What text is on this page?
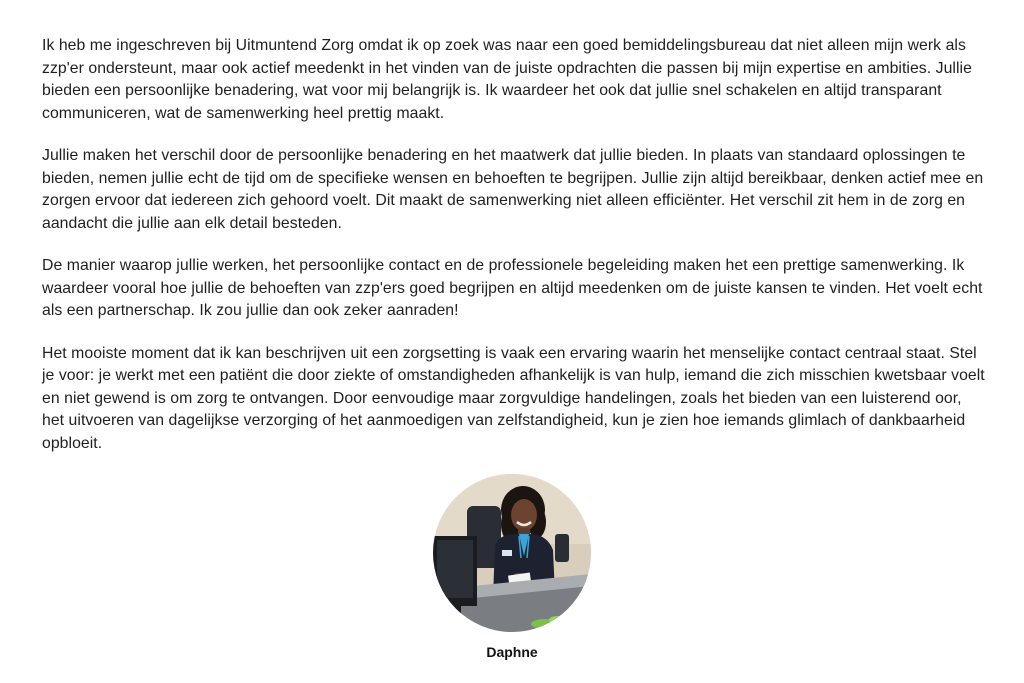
Ik heb me ingeschreven bij Uitmuntend Zorg omdat ik op zoek was naar een goed bemiddelingsbureau dat niet alleen mijn werk als zzp'er ondersteunt, maar ook actief meedenkt in het vinden van de juiste opdrachten die passen bij mijn expertise en ambities. Jullie bieden een persoonlijke benadering, wat voor mij belangrijk is. Ik waardeer het ook dat jullie snel schakelen en altijd transparant communiceren, wat de samenwerking heel prettig maakt.

Jullie maken het verschil door de persoonlijke benadering en het maatwerk dat jullie bieden. In plaats van standaard oplossingen te bieden, nemen jullie echt de tijd om de specifieke wensen en behoeften te begrijpen. Jullie zijn altijd bereikbaar, denken actief mee en zorgen ervoor dat iedereen zich gehoord voelt. Dit maakt de samenwerking niet alleen efficiënter. Het verschil zit hem in de zorg en aandacht die jullie aan elk detail besteden.

De manier waarop jullie werken, het persoonlijke contact en de professionele begeleiding maken het een prettige samenwerking. Ik waardeer vooral hoe jullie de behoeften van zzp'ers goed begrijpen en altijd meedenken om de juiste kansen te vinden. Het voelt echt als een partnerschap. Ik zou jullie dan ook zeker aanraden!

Het mooiste moment dat ik kan beschrijven uit een zorgsetting is vaak een ervaring waarin het menselijke contact centraal staat. Stel je voor: je werkt met een patiënt die door ziekte of omstandigheden afhankelijk is van hulp, iemand die zich misschien kwetsbaar voelt en niet gewend is om zorg te ontvangen. Door eenvoudige maar zorgvuldige handelingen, zoals het bieden van een luisterend oor, het uitvoeren van dagelijkse verzorging of het aanmoedigen van zelfstandigheid, kun je zien hoe iemands glimlach of dankbaarheid opbloeit.

Daphne
